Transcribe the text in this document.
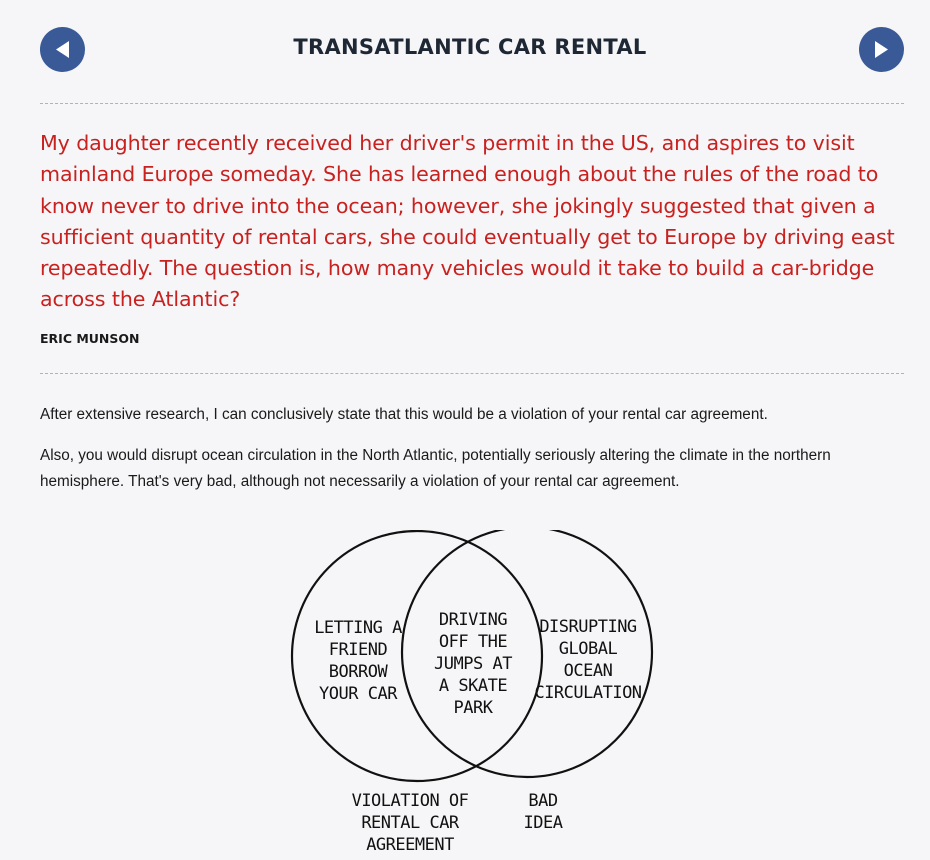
TRANSATLANTIC CAR RENTAL
My daughter recently received her driver's permit in the US, and aspires to visit mainland Europe someday. She has learned enough about the rules of the road to know never to drive into the ocean; however, she jokingly suggested that given a sufficient quantity of rental cars, she could eventually get to Europe by driving east repeatedly. The question is, how many vehicles would it take to build a car-bridge across the Atlantic?
ERIC MUNSON

After extensive research, I can conclusively state that this would be a violation of your rental car agreement.

Also, you would disrupt ocean circulation in the North Atlantic, potentially seriously altering the climate in the northern hemisphere. That's very bad, although not necessarily a violation of your rental car agreement.

LETTING A
FRIEND
BORROW
YOUR CAR
DRIVING
OFF THE
JUMPS AT
A SKATE
PARK
DISRUPTING
GLOBAL
OCEAN
CIRCULATION
VIOLATION OF
RENTAL CAR
AGREEMENT
BAD
IDEA
